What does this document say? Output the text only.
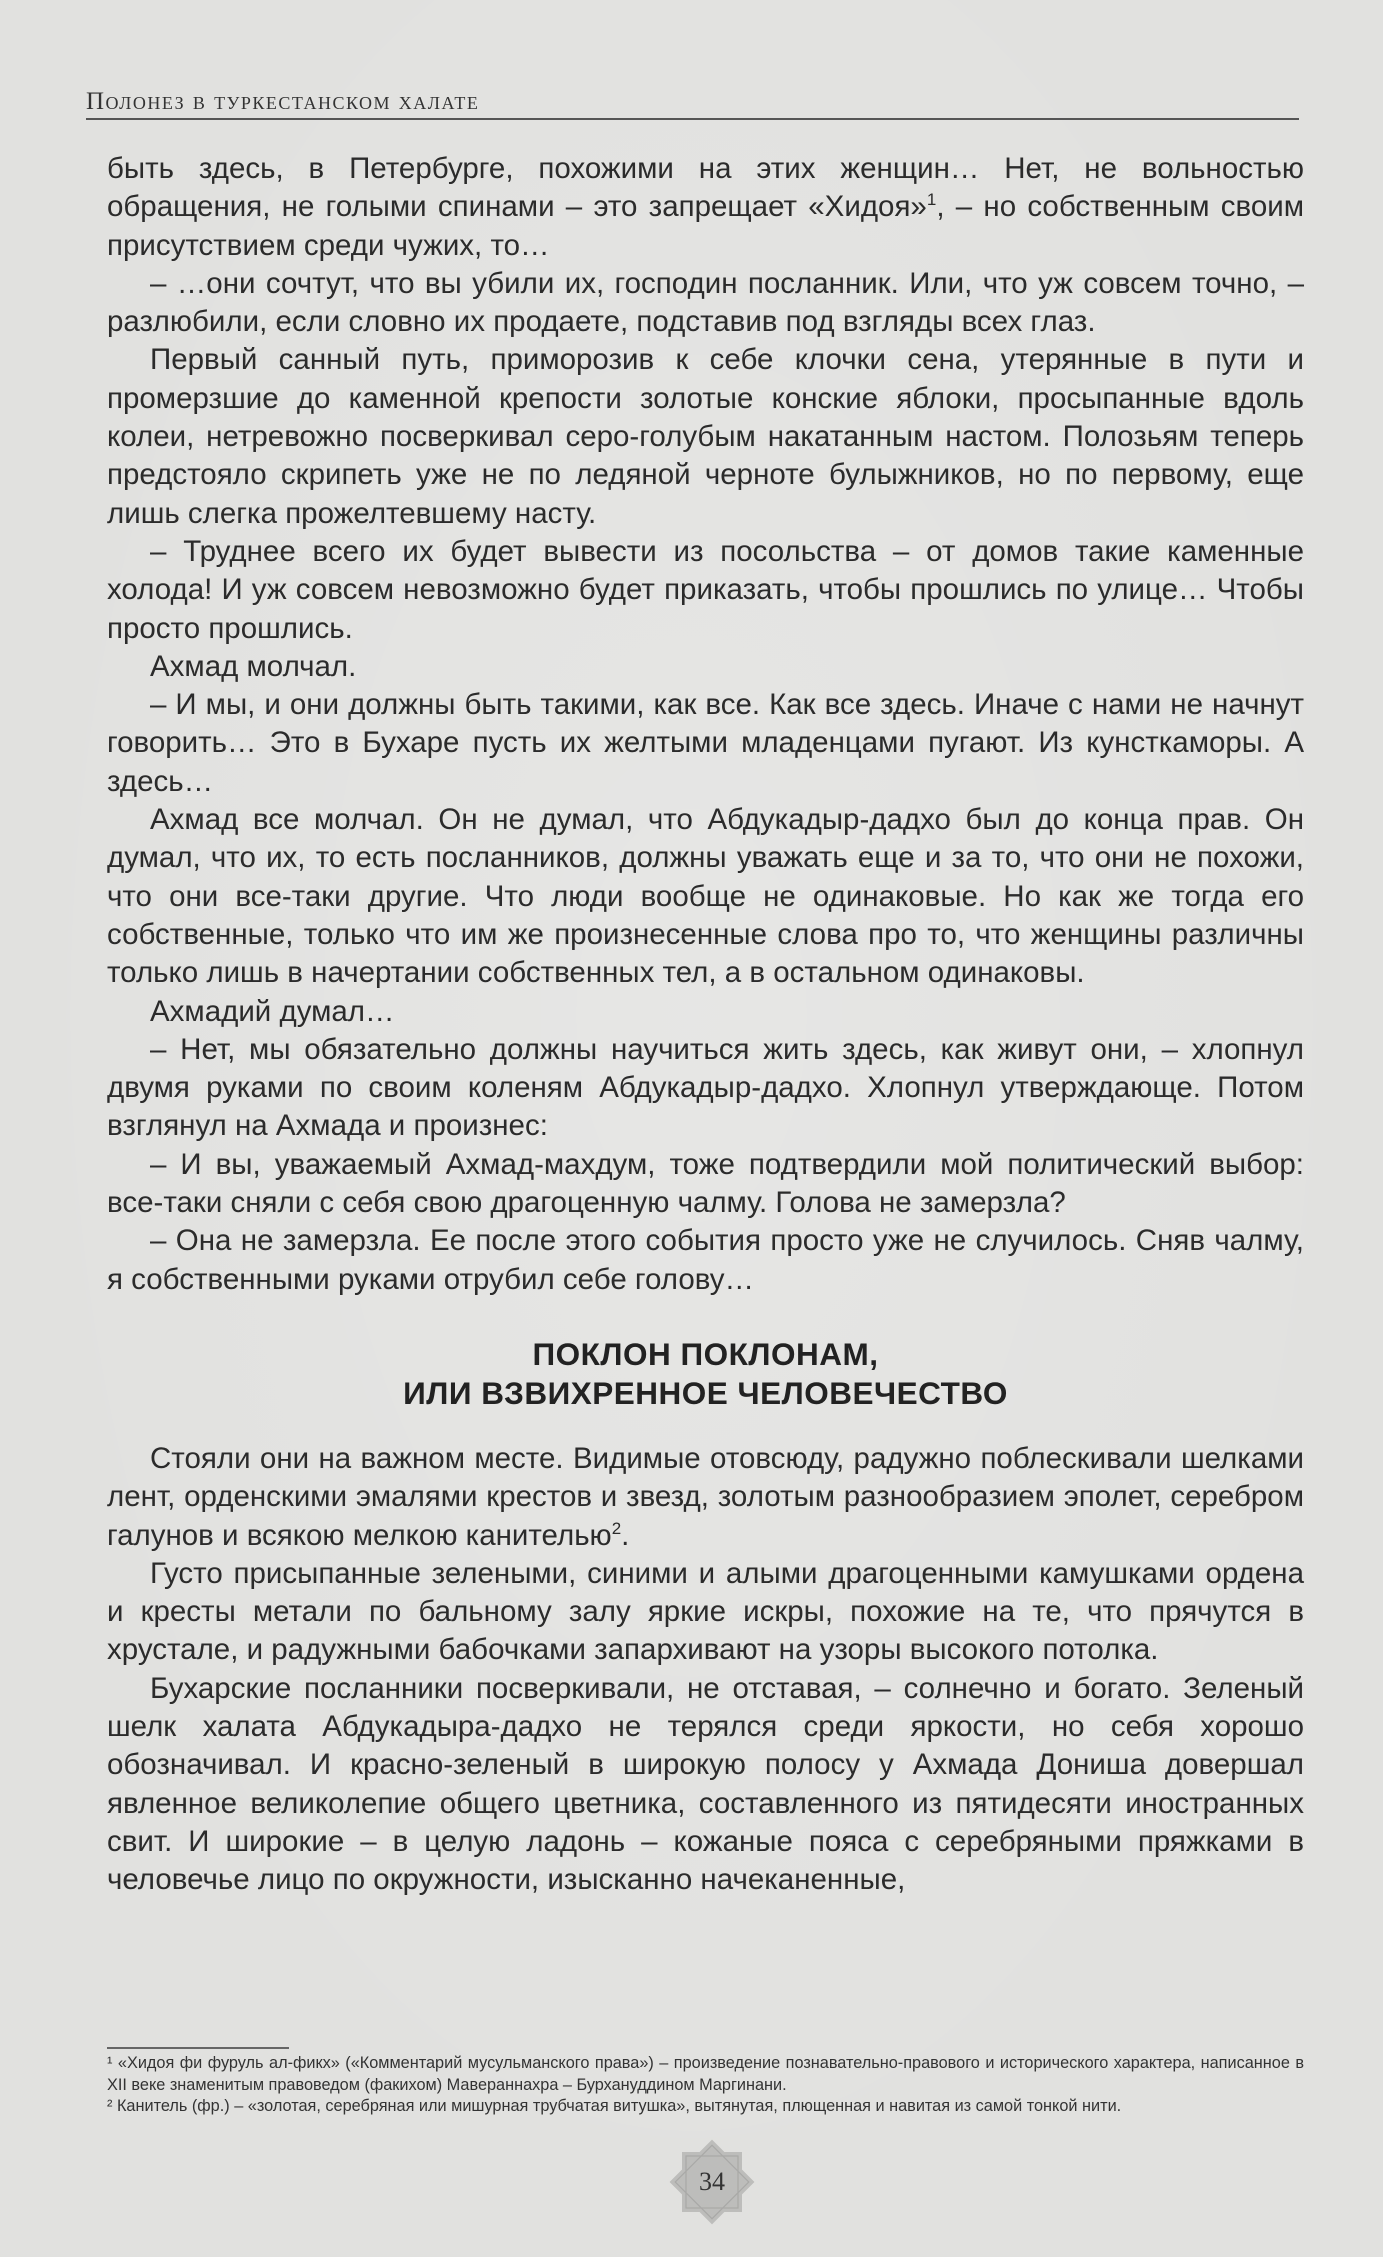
Полонез в туркестанском халате

быть здесь, в Петербурге, похожими на этих женщин… Нет, не вольностью обращения, не голыми спинами – это запрещает «Хидоя»$^1$, – но собственным своим присутствием среди чужих, то…

– …они сочтут, что вы убили их, господин посланник. Или, что уж совсем точно, – разлюбили, если словно их продаете, подставив под взгляды всех глаз.

Первый санный путь, приморозив к себе клочки сена, утерянные в пути и промерзшие до каменной крепости золотые конские яблоки, просыпанные вдоль колеи, нетревожно посверкивал серо-голубым накатанным настом. Полозьям теперь предстояло скрипеть уже не по ледяной черноте булыжников, но по первому, еще лишь слегка прожелтевшему насту.

– Труднее всего их будет вывести из посольства – от домов такие каменные холода! И уж совсем невозможно будет приказать, чтобы прошлись по улице… Чтобы просто прошлись.

Ахмад молчал.

– И мы, и они должны быть такими, как все. Как все здесь. Иначе с нами не начнут говорить… Это в Бухаре пусть их желтыми младенцами пугают. Из кунсткаморы. А здесь…

Ахмад все молчал. Он не думал, что Абдукадыр-дадхо был до конца прав. Он думал, что их, то есть посланников, должны уважать еще и за то, что они не похожи, что они все-таки другие. Что люди вообще не одинаковые. Но как же тогда его собственные, только что им же произнесенные слова про то, что женщины различны только лишь в начертании собственных тел, а в остальном одинаковы.

Ахмадий думал…

– Нет, мы обязательно должны научиться жить здесь, как живут они, – хлопнул двумя руками по своим коленям Абдукадыр-дадхо. Хлопнул утверждающе. Потом взглянул на Ахмада и произнес:

– И вы, уважаемый Ахмад-махдум, тоже подтвердили мой политический выбор: все-таки сняли с себя свою драгоценную чалму. Голова не замерзла?

– Она не замерзла. Ее после этого события просто уже не случилось. Сняв чалму, я собственными руками отрубил себе голову…

ПОКЛОН ПОКЛОНАМ,
ИЛИ ВЗВИХРЕННОЕ ЧЕЛОВЕЧЕСТВО

Стояли они на важном месте. Видимые отовсюду, радужно поблескивали шелками лент, орденскими эмалями крестов и звезд, золотым разнообразием эполет, серебром галунов и всякою мелкою канителью$^2$.

Густо присыпанные зелеными, синими и алыми драгоценными камушками ордена и кресты метали по бальному залу яркие искры, похожие на те, что прячутся в хрустале, и радужными бабочками запархивают на узоры высокого потолка.

Бухарские посланники посверкивали, не отставая, – солнечно и богато. Зеленый шелк халата Абдукадыра-дадхо не терялся среди яркости, но себя хорошо обозначивал. И красно-зеленый в широкую полосу у Ахмада Дониша довершал явленное великолепие общего цветника, составленного из пятидесяти иностранных свит. И широкие – в целую ладонь – кожаные пояса с серебряными пряжками в человечье лицо по окружности, изысканно начеканенные,

¹ «Хидоя фи фуруль ал-фикх» («Комментарий мусульманского права») – произведение познавательно-правового и исторического характера, написанное в XII веке знаменитым правоведом (факихом) Мавераннахра – Бурхануддином Маргинани.

² Канитель (фр.) – «золотая, серебряная или мишурная трубчатая витушка», вытянутая, плющенная и навитая из самой тонкой нити.

34
